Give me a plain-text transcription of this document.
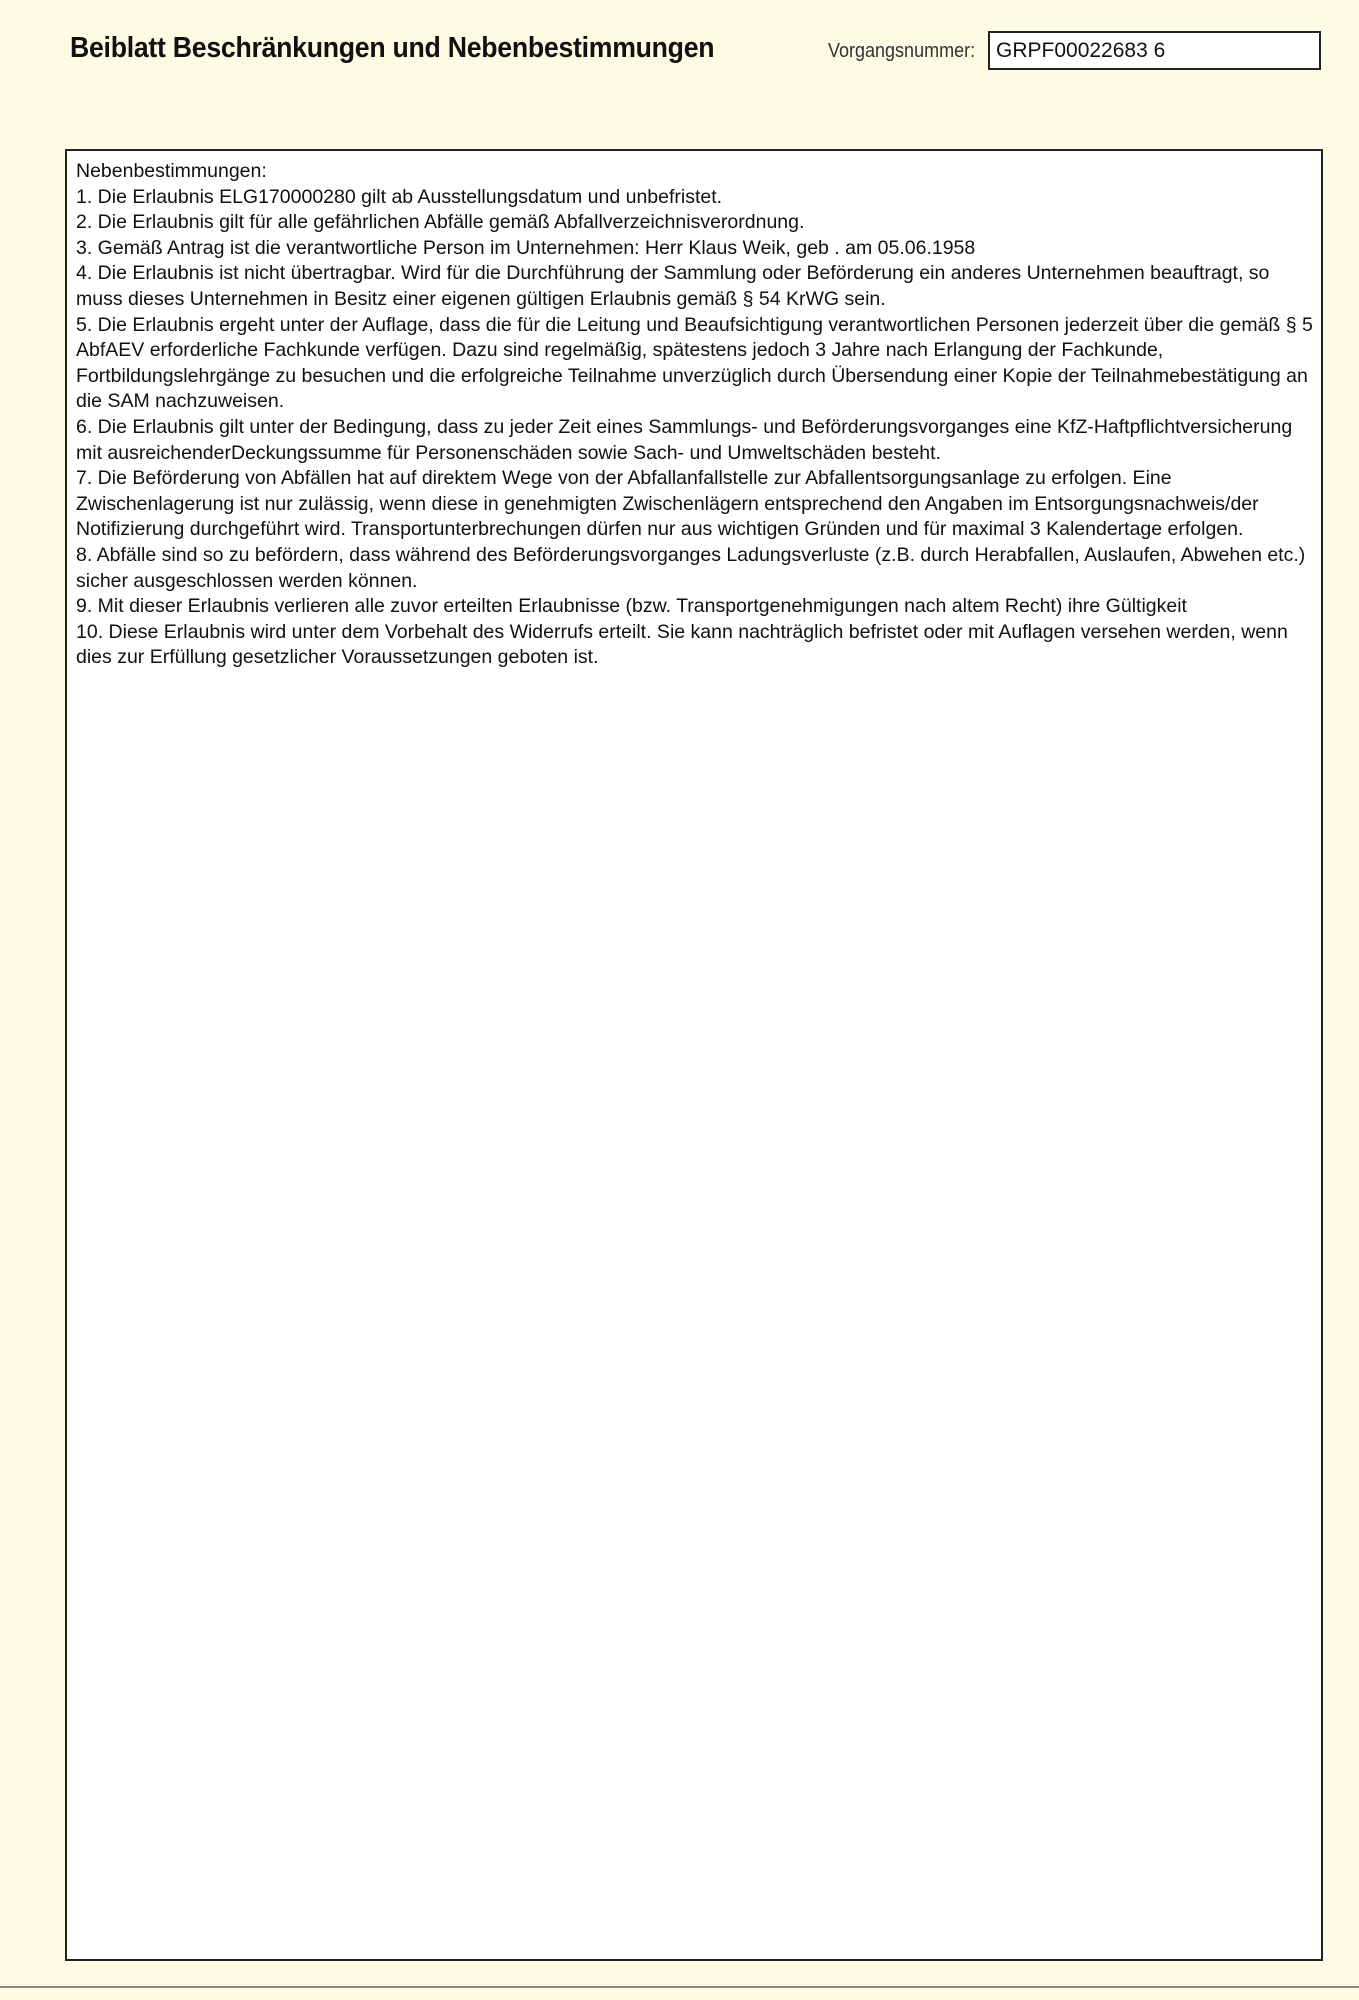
Beiblatt Beschränkungen und Nebenbestimmungen	Vorgangsnummer: GRPF00022683 6

Nebenbestimmungen:

1. Die Erlaubnis ELG170000280 gilt ab Ausstellungsdatum und unbefristet.
2. Die Erlaubnis gilt für alle gefährlichen Abfälle gemäß Abfallverzeichnisverordnung.
3. Gemäß Antrag ist die verantwortliche Person im Unternehmen: Herr Klaus Weik, geb . am 05.06.1958
4. Die Erlaubnis ist nicht übertragbar. Wird für die Durchführung der Sammlung oder Beförderung ein anderes Unternehmen beauftragt, so muss dieses Unternehmen in Besitz einer eigenen gültigen Erlaubnis gemäß § 54 KrWG sein.
5. Die Erlaubnis ergeht unter der Auflage, dass die für die Leitung und Beaufsichtigung verantwortlichen Personen jederzeit über die gemäß § 5 AbfAEV erforderliche Fachkunde verfügen. Dazu sind regelmäßig, spätestens jedoch 3 Jahre nach Erlangung der Fachkunde, Fortbildungslehrgänge zu besuchen und die erfolgreiche Teilnahme unverzüglich durch Übersendung einer Kopie der Teilnahmebestätigung an die SAM nachzuweisen.
6. Die Erlaubnis gilt unter der Bedingung, dass zu jeder Zeit eines Sammlungs- und Beförderungsvorganges eine KfZ-Haftpflichtversicherung mit ausreichenderDeckungssumme für Personenschäden sowie Sach- und Umweltschäden besteht.
7. Die Beförderung von Abfällen hat auf direktem Wege von der Abfallanfallstelle zur Abfallentsorgungsanlage zu erfolgen. Eine Zwischenlagerung ist nur zulässig, wenn diese in genehmigten Zwischenlägern entsprechend den Angaben im Entsorgungsnachweis/der Notifizierung durchgeführt wird. Transportunterbrechungen dürfen nur aus wichtigen Gründen und für maximal 3 Kalendertage erfolgen.
8. Abfälle sind so zu befördern, dass während des Beförderungsvorganges Ladungsverluste (z.B. durch Herabfallen, Auslaufen, Abwehen etc.) sicher ausgeschlossen werden können.
9. Mit dieser Erlaubnis verlieren alle zuvor erteilten Erlaubnisse (bzw. Transportgenehmigungen nach altem Recht) ihre Gültigkeit
10. Diese Erlaubnis wird unter dem Vorbehalt des Widerrufs erteilt. Sie kann nachträglich befristet oder mit Auflagen versehen werden, wenn dies zur Erfüllung gesetzlicher Voraussetzungen geboten ist.
